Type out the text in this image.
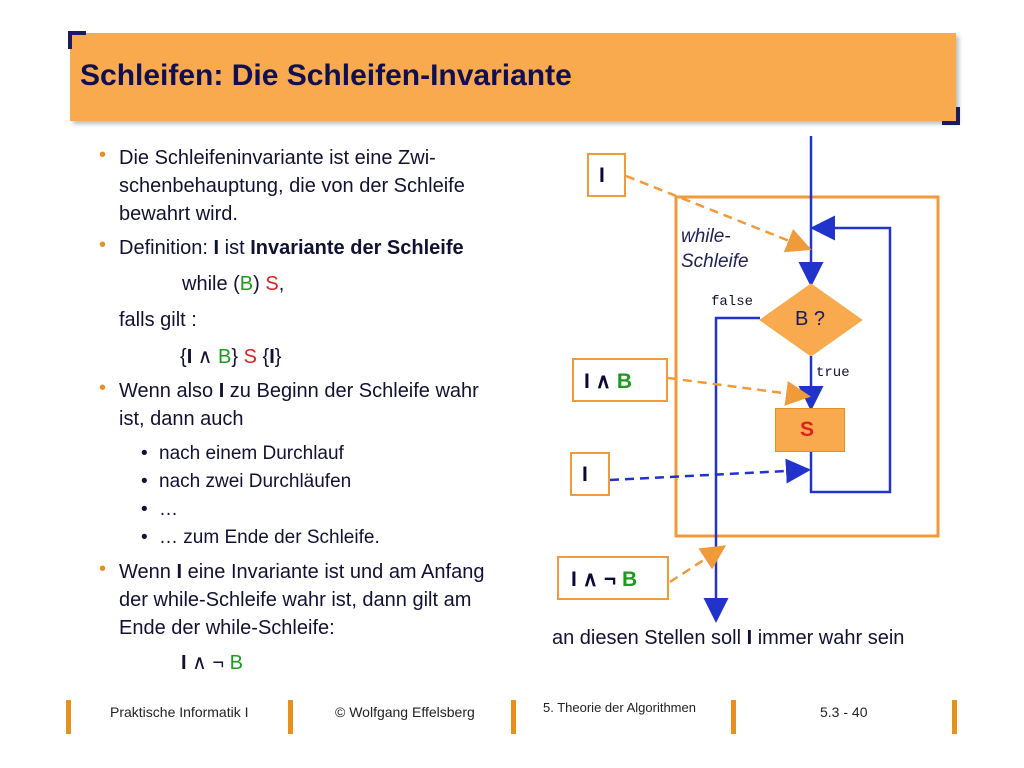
Schleifen: Die Schleifen-Invariante
• Die Schleifeninvariante ist eine Zwi-
schenbehauptung, die von der Schleife
bewahrt wird.
• Definition: I ist Invariante der Schleife
while (B) S,
falls gilt :
{I ∧ B} S {I}
• Wenn also I zu Beginn der Schleife wahr
ist, dann auch
• nach einem Durchlauf
• nach zwei Durchläufen
• …
• … zum Ende der Schleife.
• Wenn I eine Invariante ist und am Anfang
der while-Schleife wahr ist, dann gilt am
Ende der while-Schleife:
I ∧ ¬ B
I
I ∧ B
I
I ∧ ¬ B
while-
Schleife
false
true
B ?
S
an diesen Stellen soll I immer wahr sein
Praktische Informatik I	© Wolfgang Effelsberg	5. Theorie der Algorithmen	5.3 - 40
